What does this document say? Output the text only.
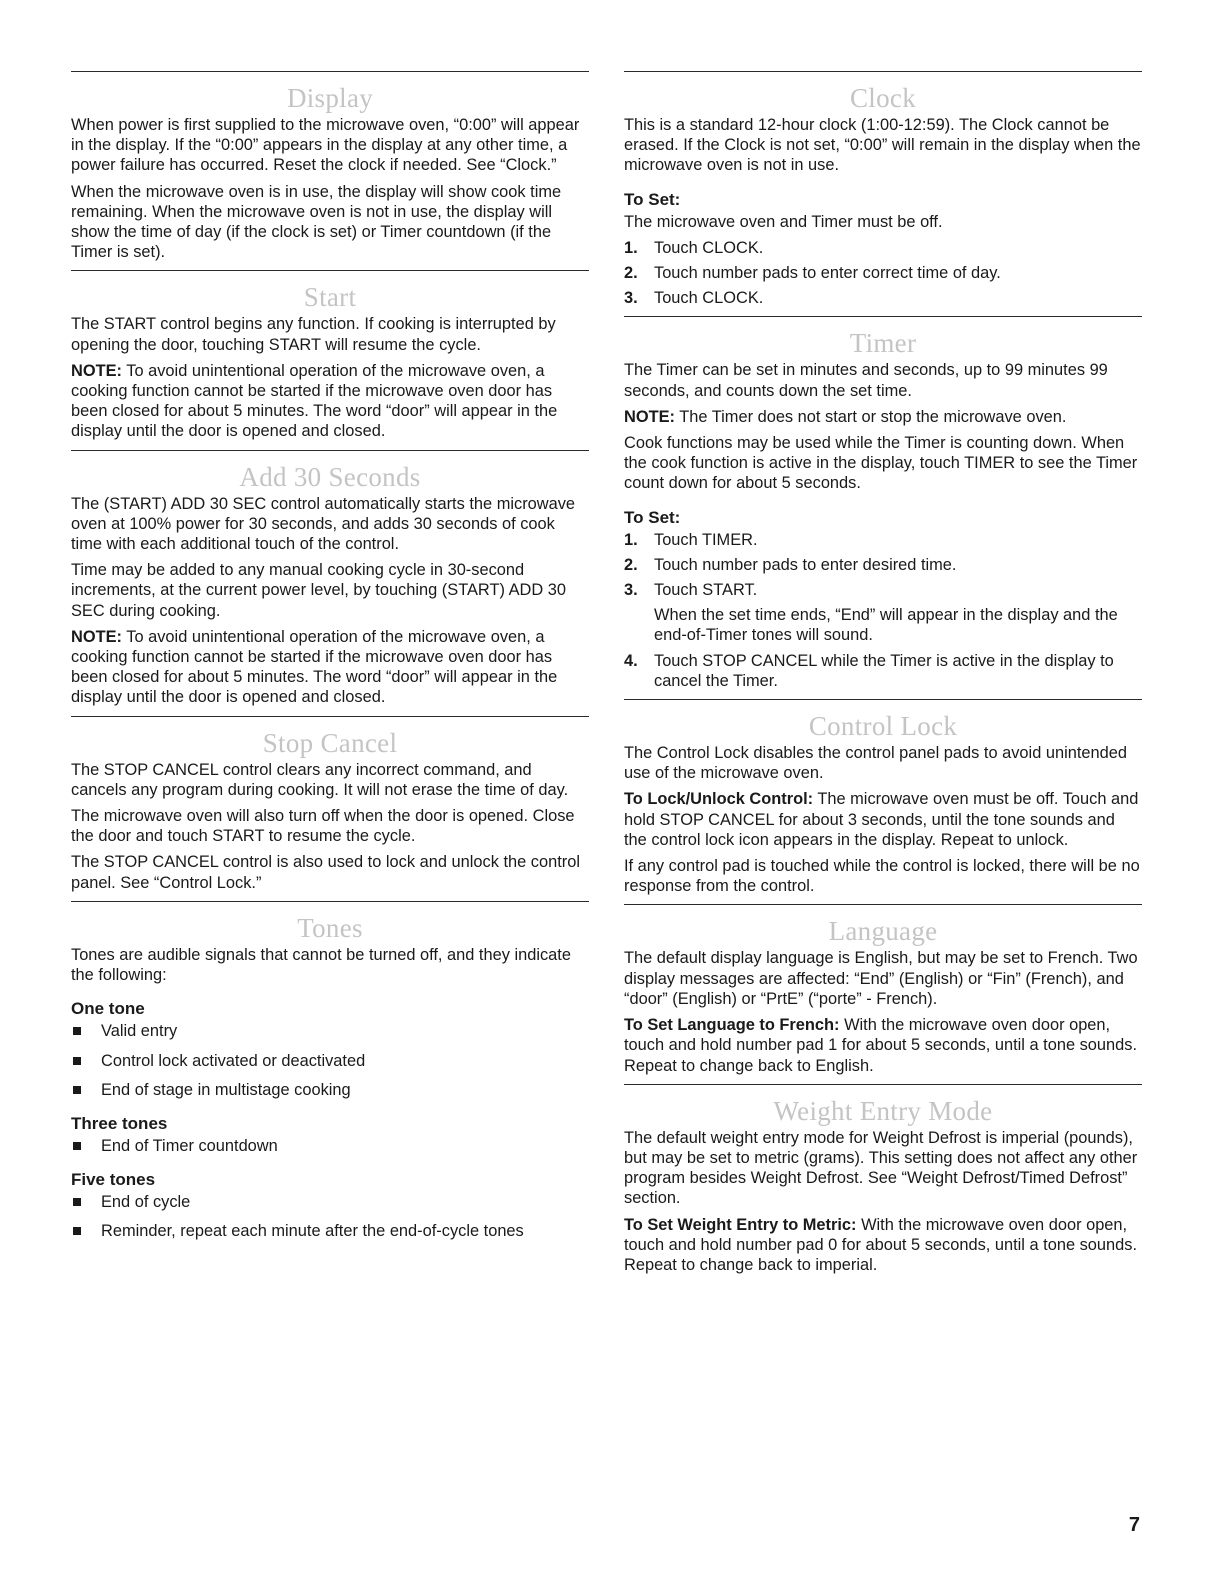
Display

When power is first supplied to the microwave oven, “0:00” will appear in the display. If the “0:00” appears in the display at any other time, a power failure has occurred. Reset the clock if needed. See “Clock.”

When the microwave oven is in use, the display will show cook time remaining. When the microwave oven is not in use, the display will show the time of day (if the clock is set) or Timer countdown (if the Timer is set).

Start

The START control begins any function. If cooking is interrupted by opening the door, touching START will resume the cycle.

NOTE: To avoid unintentional operation of the microwave oven, a cooking function cannot be started if the microwave oven door has been closed for about 5 minutes. The word “door” will appear in the display until the door is opened and closed.

Add 30 Seconds

The (START) ADD 30 SEC control automatically starts the microwave oven at 100% power for 30 seconds, and adds 30 seconds of cook time with each additional touch of the control.

Time may be added to any manual cooking cycle in 30-second increments, at the current power level, by touching (START) ADD 30 SEC during cooking.

NOTE: To avoid unintentional operation of the microwave oven, a cooking function cannot be started if the microwave oven door has been closed for about 5 minutes. The word “door” will appear in the display until the door is opened and closed.

Stop Cancel

The STOP CANCEL control clears any incorrect command, and cancels any program during cooking. It will not erase the time of day.

The microwave oven will also turn off when the door is opened. Close the door and touch START to resume the cycle.

The STOP CANCEL control is also used to lock and unlock the control panel. See “Control Lock.”

Tones

Tones are audible signals that cannot be turned off, and they indicate the following:

One tone
Valid entry
Control lock activated or deactivated
End of stage in multistage cooking
Three tones
End of Timer countdown
Five tones
End of cycle
Reminder, repeat each minute after the end-of-cycle tones
Clock

This is a standard 12-hour clock (1:00-12:59). The Clock cannot be erased. If the Clock is not set, “0:00” will remain in the display when the microwave oven is not in use.

To Set:

The microwave oven and Timer must be off.

1. Touch CLOCK.
2. Touch number pads to enter correct time of day.
3. Touch CLOCK.
Timer

The Timer can be set in minutes and seconds, up to 99 minutes 99 seconds, and counts down the set time.

NOTE: The Timer does not start or stop the microwave oven.

Cook functions may be used while the Timer is counting down. When the cook function is active in the display, touch TIMER to see the Timer count down for about 5 seconds.

To Set:
1. Touch TIMER.
2. Touch number pads to enter desired time.
3. Touch START.
When the set time ends, “End” will appear in the display and the end-of-Timer tones will sound.
4. Touch STOP CANCEL while the Timer is active in the display to cancel the Timer.
Control Lock

The Control Lock disables the control panel pads to avoid unintended use of the microwave oven.

To Lock/Unlock Control: The microwave oven must be off. Touch and hold STOP CANCEL for about 3 seconds, until the tone sounds and the control lock icon appears in the display. Repeat to unlock.

If any control pad is touched while the control is locked, there will be no response from the control.

Language

The default display language is English, but may be set to French. Two display messages are affected: “End” (English) or “Fin” (French), and “door” (English) or “PrtE” (“porte” - French).

To Set Language to French: With the microwave oven door open, touch and hold number pad 1 for about 5 seconds, until a tone sounds. Repeat to change back to English.

Weight Entry Mode

The default weight entry mode for Weight Defrost is imperial (pounds), but may be set to metric (grams). This setting does not affect any other program besides Weight Defrost. See “Weight Defrost/Timed Defrost” section.

To Set Weight Entry to Metric: With the microwave oven door open, touch and hold number pad 0 for about 5 seconds, until a tone sounds. Repeat to change back to imperial.

7
